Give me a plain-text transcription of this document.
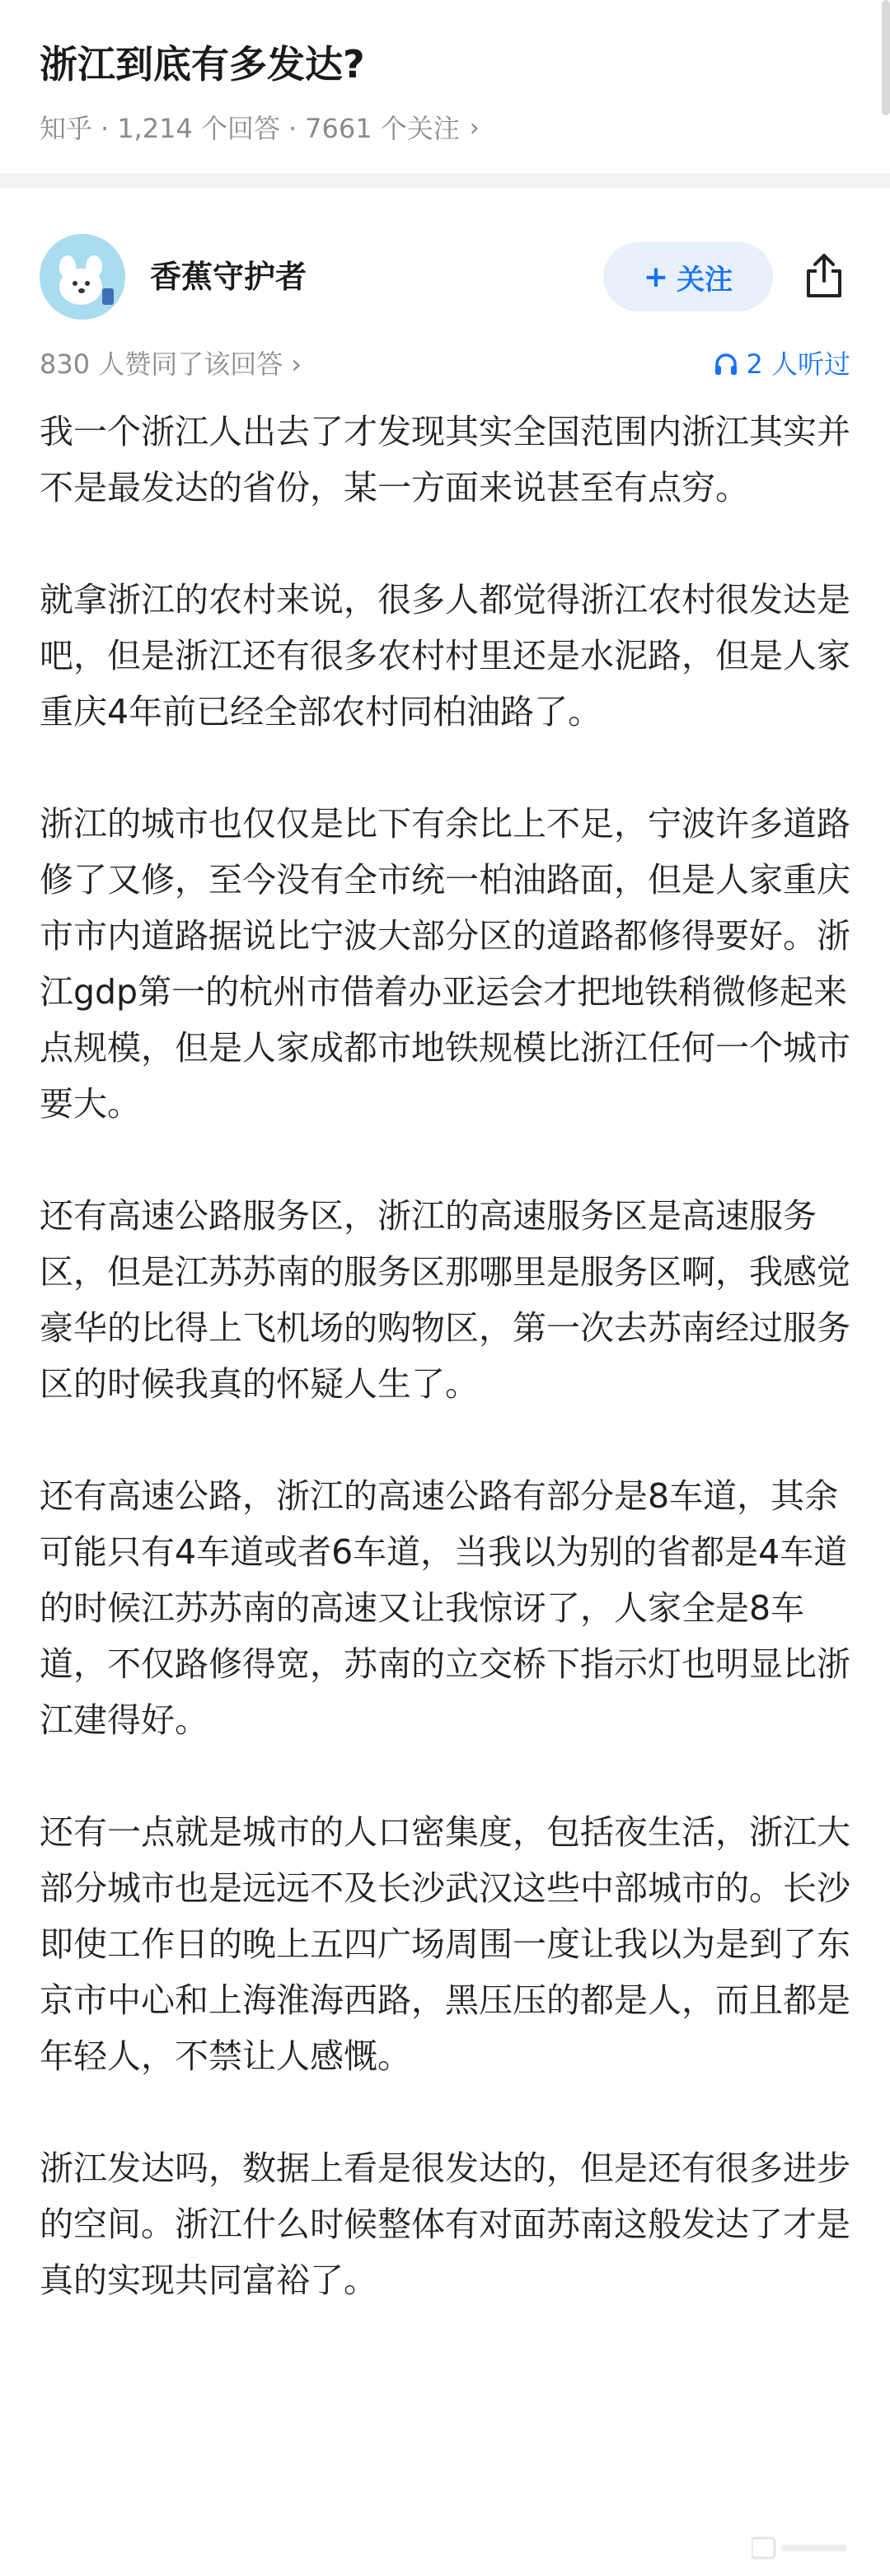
浙江到底有多发达?
知乎 · 1,214 个回答 · 7661 个关注 ›
香蕉守护者	+ 关注
830 人赞同了该回答 ›	2 人听过

我一个浙江人出去了才发现其实全国范围内浙江其实并不是最发达的省份，某一方面来说甚至有点穷。

就拿浙江的农村来说，很多人都觉得浙江农村很发达是吧，但是浙江还有很多农村村里还是水泥路，但是人家重庆4年前已经全部农村同柏油路了。

浙江的城市也仅仅是比下有余比上不足，宁波许多道路修了又修，至今没有全市统一柏油路面，但是人家重庆市市内道路据说比宁波大部分区的道路都修得要好。浙江gdp第一的杭州市借着办亚运会才把地铁稍微修起来点规模，但是人家成都市地铁规模比浙江任何一个城市要大。

还有高速公路服务区，浙江的高速服务区是高速服务区，但是江苏苏南的服务区那哪里是服务区啊，我感觉豪华的比得上飞机场的购物区，第一次去苏南经过服务区的时候我真的怀疑人生了。

还有高速公路，浙江的高速公路有部分是8车道，其余可能只有4车道或者6车道，当我以为别的省都是4车道的时候江苏苏南的高速又让我惊讶了，人家全是8车道，不仅路修得宽，苏南的立交桥下指示灯也明显比浙江建得好。

还有一点就是城市的人口密集度，包括夜生活，浙江大部分城市也是远远不及长沙武汉这些中部城市的。长沙即使工作日的晚上五四广场周围一度让我以为是到了东京市中心和上海淮海西路，黑压压的都是人，而且都是年轻人，不禁让人感慨。

浙江发达吗，数据上看是很发达的，但是还有很多进步的空间。浙江什么时候整体有对面苏南这般发达了才是真的实现共同富裕了。
